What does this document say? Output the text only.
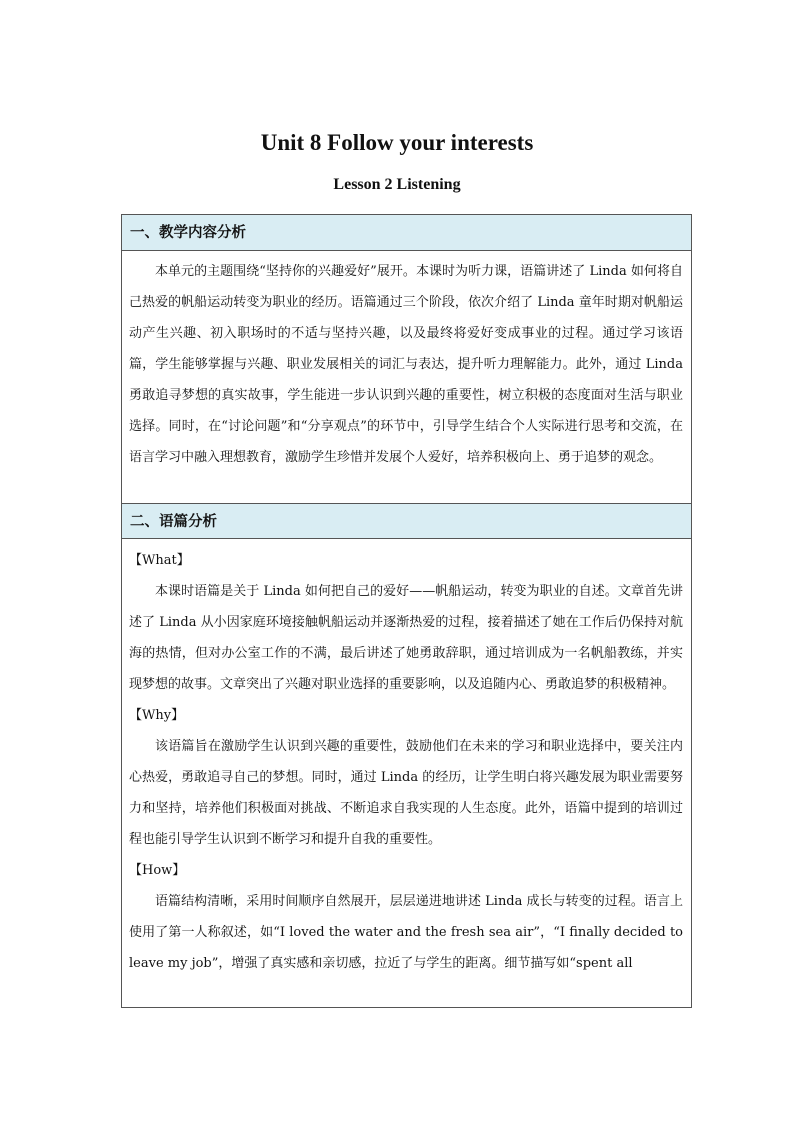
Unit 8 Follow your interests
Lesson 2 Listening
一、教学内容分析

本单元的主题围绕“坚持你的兴趣爱好”展开。本课时为听力课，语篇讲述了 Linda 如何将自己热爱的帆船运动转变为职业的经历。语篇通过三个阶段，依次介绍了 Linda 童年时期对帆船运动产生兴趣、初入职场时的不适与坚持兴趣，以及最终将爱好变成事业的过程。通过学习该语篇，学生能够掌握与兴趣、职业发展相关的词汇与表达，提升听力理解能力。此外，通过 Linda 勇敢追寻梦想的真实故事，学生能进一步认识到兴趣的重要性，树立积极的态度面对生活与职业选择。同时，在“讨论问题”和“分享观点”的环节中，引导学生结合个人实际进行思考和交流，在语言学习中融入理想教育，激励学生珍惜并发展个人爱好，培养积极向上、勇于追梦的观念。

二、语篇分析

【What】

本课时语篇是关于 Linda 如何把自己的爱好——帆船运动，转变为职业的自述。文章首先讲述了 Linda 从小因家庭环境接触帆船运动并逐渐热爱的过程，接着描述了她在工作后仍保持对航海的热情，但对办公室工作的不满，最后讲述了她勇敢辞职，通过培训成为一名帆船教练，并实现梦想的故事。文章突出了兴趣对职业选择的重要影响，以及追随内心、勇敢追梦的积极精神。

【Why】

该语篇旨在激励学生认识到兴趣的重要性，鼓励他们在未来的学习和职业选择中，要关注内心热爱，勇敢追寻自己的梦想。同时，通过 Linda 的经历，让学生明白将兴趣发展为职业需要努力和坚持，培养他们积极面对挑战、不断追求自我实现的人生态度。此外，语篇中提到的培训过程也能引导学生认识到不断学习和提升自我的重要性。

【How】

语篇结构清晰，采用时间顺序自然展开，层层递进地讲述 Linda 成长与转变的过程。语言上使用了第一人称叙述，如“I loved the water and the fresh sea air”，“I finally decided to leave my job”，增强了真实感和亲切感，拉近了与学生的距离。细节描写如“spent all
